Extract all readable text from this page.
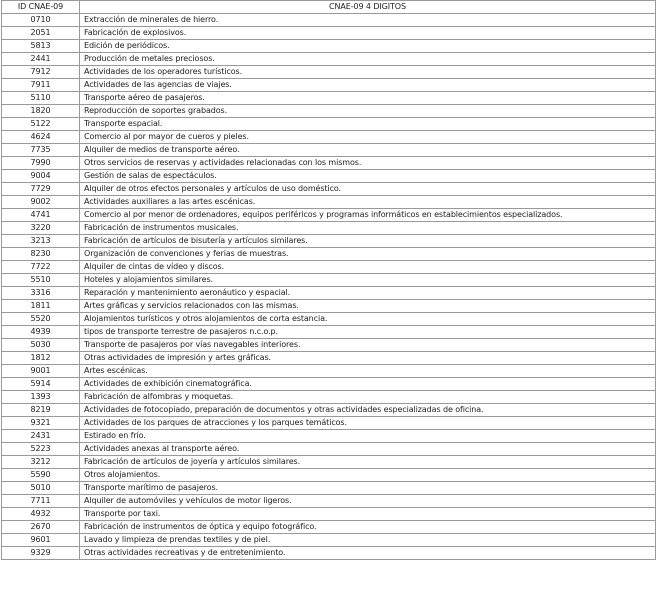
ID CNAE-09	CNAE-09 4 DIGITOS
0710	Extracción de minerales de hierro.
2051	Fabricación de explosivos.
5813	Edición de periódicos.
2441	Producción de metales preciosos.
7912	Actividades de los operadores turísticos.
7911	Actividades de las agencias de viajes.
5110	Transporte aéreo de pasajeros.
1820	Reproducción de soportes grabados.
5122	Transporte espacial.
4624	Comercio al por mayor de cueros y pieles.
7735	Alquiler de medios de transporte aéreo.
7990	Otros servicios de reservas y actividades relacionadas con los mismos.
9004	Gestión de salas de espectáculos.
7729	Alquiler de otros efectos personales y artículos de uso doméstico.
9002	Actividades auxiliares a las artes escénicas.
4741	Comercio al por menor de ordenadores, equipos periféricos y programas informáticos en establecimientos especializados.
3220	Fabricación de instrumentos musicales.
3213	Fabricación de artículos de bisutería y artículos similares.
8230	Organización de convenciones y ferias de muestras.
7722	Alquiler de cintas de vídeo y discos.
5510	Hoteles y alojamientos similares.
3316	Reparación y mantenimiento aeronáutico y espacial.
1811	Artes gráficas y servicios relacionados con las mismas.
5520	Alojamientos turísticos y otros alojamientos de corta estancia.
4939	tipos de transporte terrestre de pasajeros n.c.o.p.
5030	Transporte de pasajeros por vías navegables interiores.
1812	Otras actividades de impresión y artes gráficas.
9001	Artes escénicas.
5914	Actividades de exhibición cinematográfica.
1393	Fabricación de alfombras y moquetas.
8219	Actividades de fotocopiado, preparación de documentos y otras actividades especializadas de oficina.
9321	Actividades de los parques de atracciones y los parques temáticos.
2431	Estirado en frío.
5223	Actividades anexas al transporte aéreo.
3212	Fabricación de artículos de joyería y artículos similares.
5590	Otros alojamientos.
5010	Transporte marítimo de pasajeros.
7711	Alquiler de automóviles y vehículos de motor ligeros.
4932	Transporte por taxi.
2670	Fabricación de instrumentos de óptica y equipo fotográfico.
9601	Lavado y limpieza de prendas textiles y de piel.
9329	Otras actividades recreativas y de entretenimiento.
